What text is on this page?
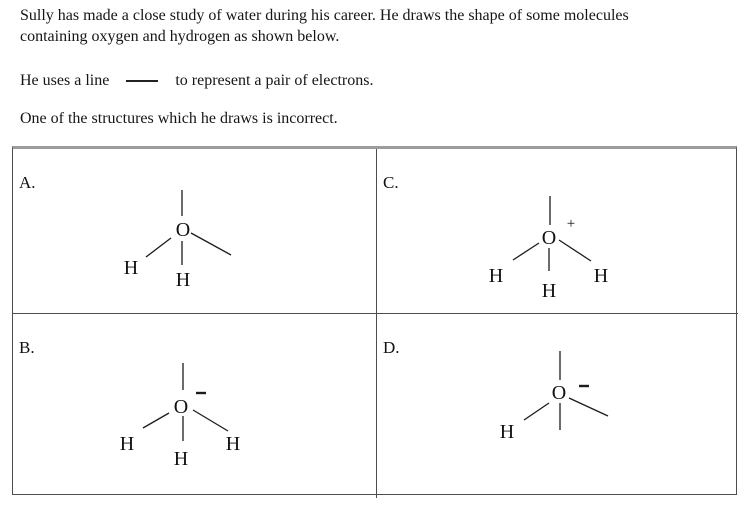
Sully has made a close study of water during his career. He draws the shape of some molecules
containing oxygen and hydrogen as shown below.
He uses a line	to represent a pair of electrons.
One of the structures which he draws is incorrect.
A.
O
H
H
C.
O
H
H
H
+
B.
O
H
H
H
D.
O
H
